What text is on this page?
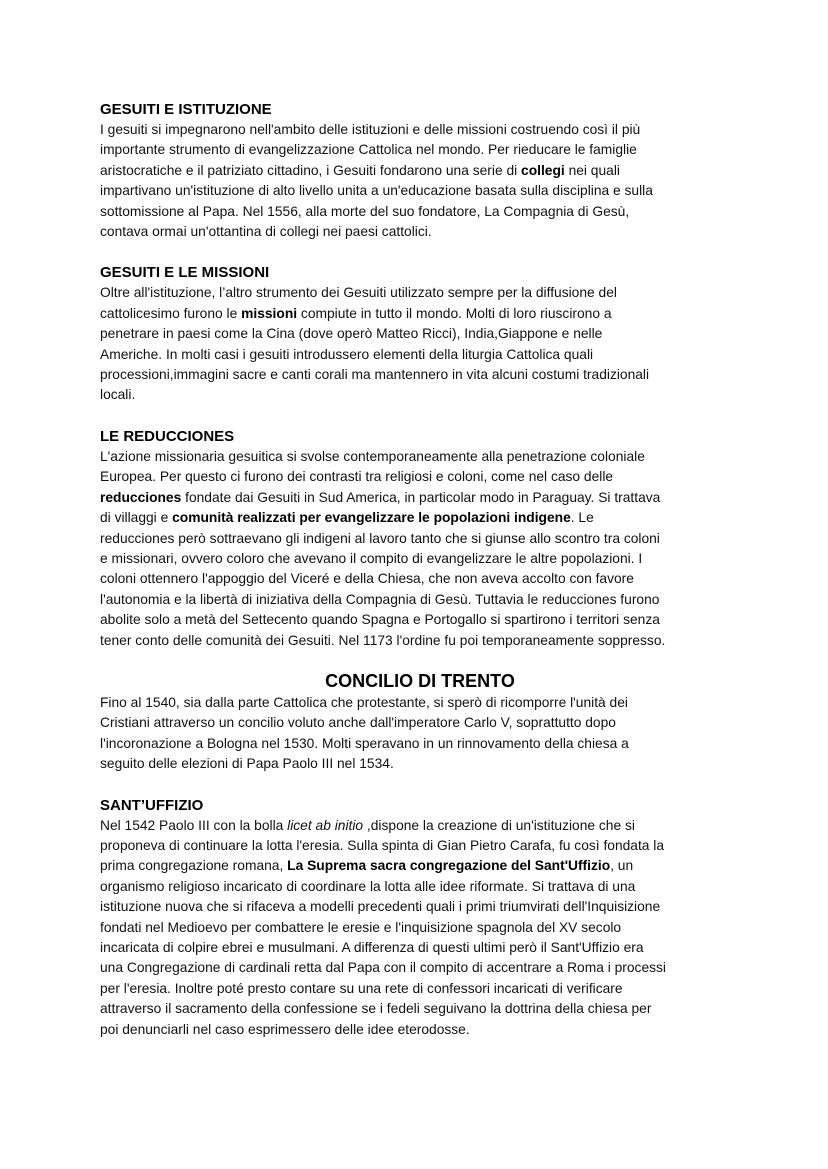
GESUITI E ISTITUZIONE
I gesuiti si impegnarono nell'ambito delle istituzioni e delle missioni costruendo così il più
importante strumento di evangelizzazione Cattolica nel mondo. Per rieducare le famiglie
aristocratiche e il patriziato cittadino, i Gesuiti fondarono una serie di collegi nei quali
impartivano un'istituzione di alto livello unita a un'educazione basata sulla disciplina e sulla
sottomissione al Papa. Nel 1556, alla morte del suo fondatore, La Compagnia di Gesù,
contava ormai un'ottantina di collegi nei paesi cattolici.
GESUITI E LE MISSIONI
Oltre all'istituzione, l’altro strumento dei Gesuiti utilizzato sempre per la diffusione del
cattolicesimo furono le missioni compiute in tutto il mondo. Molti di loro riuscirono a
penetrare in paesi come la Cina (dove operò Matteo Ricci), India,Giappone e nelle
Americhe. In molti casi i gesuiti introdussero elementi della liturgia Cattolica quali
processioni,immagini sacre e canti corali ma mantennero in vita alcuni costumi tradizionali
locali.
LE REDUCCIONES
L'azione missionaria gesuitica si svolse contemporaneamente alla penetrazione coloniale
Europea. Per questo ci furono dei contrasti tra religiosi e coloni, come nel caso delle
reducciones fondate dai Gesuiti in Sud America, in particolar modo in Paraguay. Si trattava
di villaggi e comunità realizzati per evangelizzare le popolazioni indigene. Le
reducciones però sottraevano gli indigeni al lavoro tanto che si giunse allo scontro tra coloni
e missionari, ovvero coloro che avevano il compito di evangelizzare le altre popolazioni. I
coloni ottennero l'appoggio del Viceré e della Chiesa, che non aveva accolto con favore
l'autonomia e la libertà di iniziativa della Compagnia di Gesù. Tuttavia le reducciones furono
abolite solo a metà del Settecento quando Spagna e Portogallo si spartirono i territori senza
tener conto delle comunità dei Gesuiti. Nel 1173 l'ordine fu poi temporaneamente soppresso.
CONCILIO DI TRENTO
Fino al 1540, sia dalla parte Cattolica che protestante, si sperò di ricomporre l'unità dei
Cristiani attraverso un concilio voluto anche dall'imperatore Carlo V, soprattutto dopo
l'incoronazione a Bologna nel 1530. Molti speravano in un rinnovamento della chiesa a
seguito delle elezioni di Papa Paolo III nel 1534.
SANT’UFFIZIO
Nel 1542 Paolo III con la bolla licet ab initio ,dispone la creazione di un'istituzione che si
proponeva di continuare la lotta l'eresia. Sulla spinta di Gian Pietro Carafa, fu così fondata la
prima congregazione romana, La Suprema sacra congregazione del Sant'Uffizio, un
organismo religioso incaricato di coordinare la lotta alle idee riformate. Si trattava di una
istituzione nuova che si rifaceva a modelli precedenti quali i primi triumvirati dell'Inquisizione
fondati nel Medioevo per combattere le eresie e l'inquisizione spagnola del XV secolo
incaricata di colpire ebrei e musulmani. A differenza di questi ultimi però il Sant'Uffizio era
una Congregazione di cardinali retta dal Papa con il compito di accentrare a Roma i processi
per l'eresia. Inoltre poté presto contare su una rete di confessori incaricati di verificare
attraverso il sacramento della confessione se i fedeli seguivano la dottrina della chiesa per
poi denunciarli nel caso esprimessero delle idee eterodosse.
